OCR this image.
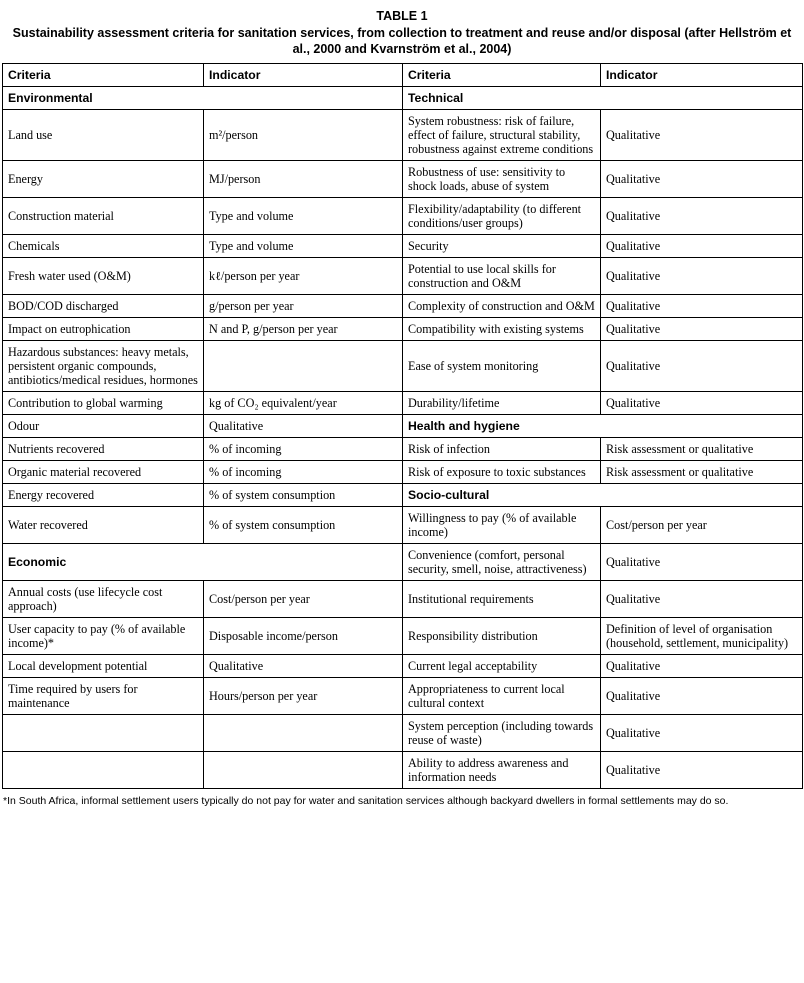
TABLE 1
Sustainability assessment criteria for sanitation services, from collection to treatment and reuse and/or disposal (after Hellström et al., 2000 and Kvarnström et al., 2004)
Criteria	Indicator	Criteria	Indicator
Environmental		Technical	
Land use	m²/person	System robustness: risk of failure, effect of failure, structural stability, robustness against extreme conditions	Qualitative
Energy	MJ/person	Robustness of use: sensitivity to shock loads, abuse of system	Qualitative
Construction material	Type and volume	Flexibility/adaptability (to different conditions/user groups)	Qualitative
Chemicals	Type and volume	Security	Qualitative
Fresh water used (O&M)	kℓ/person per year	Potential to use local skills for construction and O&M	Qualitative
BOD/COD discharged	g/person per year	Complexity of construction and O&M	Qualitative
Impact on eutrophication	N and P, g/person per year	Compatibility with existing systems	Qualitative
Hazardous substances: heavy metals, persistent organic compounds, antibiotics/medical residues, hormones		Ease of system monitoring	Qualitative
Contribution to global warming	kg of CO₂ equivalent/year	Durability/lifetime	Qualitative
Odour	Qualitative	Health and hygiene	
Nutrients recovered	% of incoming	Risk of infection	Risk assessment or qualitative
Organic material recovered	% of incoming	Risk of exposure to toxic substances	Risk assessment or qualitative
Energy recovered	% of system consumption	Socio-cultural	
Water recovered	% of system consumption	Willingness to pay (% of available income)	Cost/person per year
Economic		Convenience (comfort, personal security, smell, noise, attractiveness)	Qualitative
Annual costs (use lifecycle cost approach)	Cost/person per year	Institutional requirements	Qualitative
User capacity to pay (% of available income)*	Disposable income/person	Responsibility distribution	Definition of level of organisation (household, settlement, municipality)
Local development potential	Qualitative	Current legal acceptability	Qualitative
Time required by users for maintenance	Hours/person per year	Appropriateness to current local cultural context	Qualitative
		System perception (including towards reuse of waste)	Qualitative
		Ability to address awareness and information needs	Qualitative
*In South Africa, informal settlement users typically do not pay for water and sanitation services although backyard dwellers in formal settlements may do so.
